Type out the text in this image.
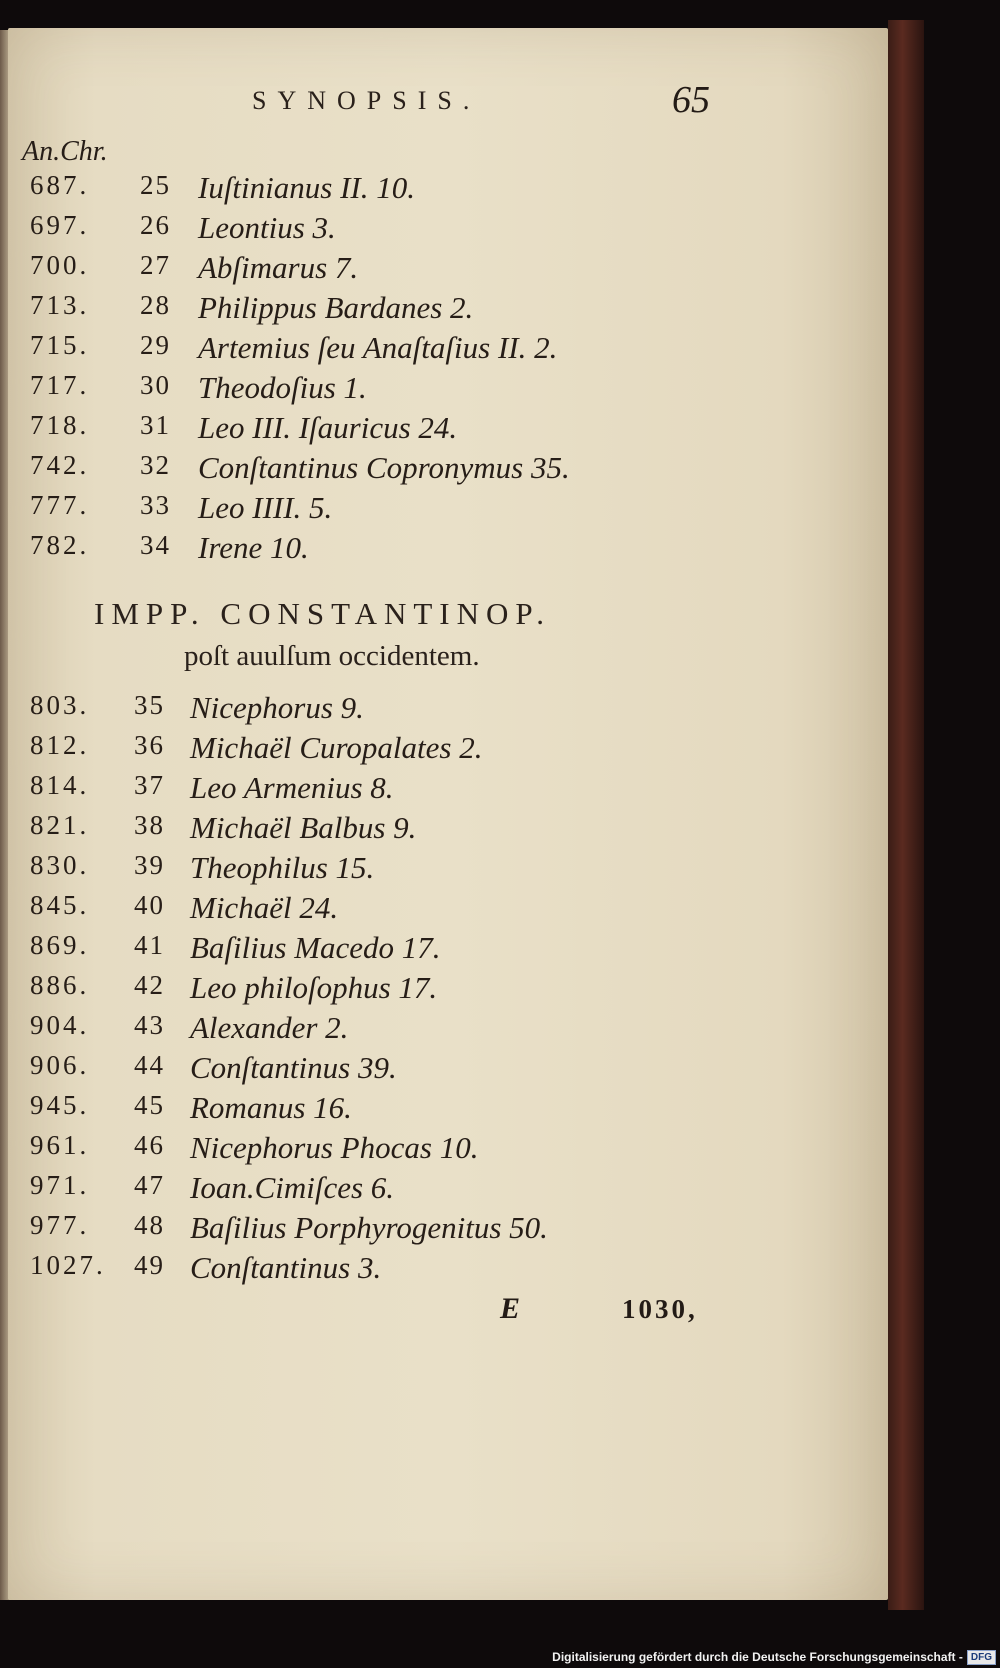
SYNOPSIS.	65
An.Chr.
687. 25 Iuſtinianus II. 10.
697. 26 Leontius 3.
700. 27 Abſimarus 7.
713. 28 Philippus Bardanes 2.
715. 29 Artemius ſeu Anaſtaſius II. 2.
717. 30 Theodoſius 1.
718. 31 Leo III. Iſauricus 24.
742. 32 Conſtantinus Copronymus 35.
777. 33 Leo IIII. 5.
782. 34 Irene 10.
IMPP. CONSTANTINOP.
poſt auulſum occidentem.
803. 35 Nicephorus 9.
812. 36 Michaël Curopalates 2.
814. 37 Leo Armenius 8.
821. 38 Michaël Balbus 9.
830. 39 Theophilus 15.
845. 40 Michaël 24.
869. 41 Baſilius Macedo 17.
886. 42 Leo philoſophus 17.
904. 43 Alexander 2.
906. 44 Conſtantinus 39.
945. 45 Romanus 16.
961. 46 Nicephorus Phocas 10.
971. 47 Ioan.Cimiſces 6.
977. 48 Baſilius Porphyrogenitus 50.
1027. 49 Conſtantinus 3.
E	1030,
Digitalisierung gefördert durch die Deutsche Forschungsgemeinschaft - DFG
